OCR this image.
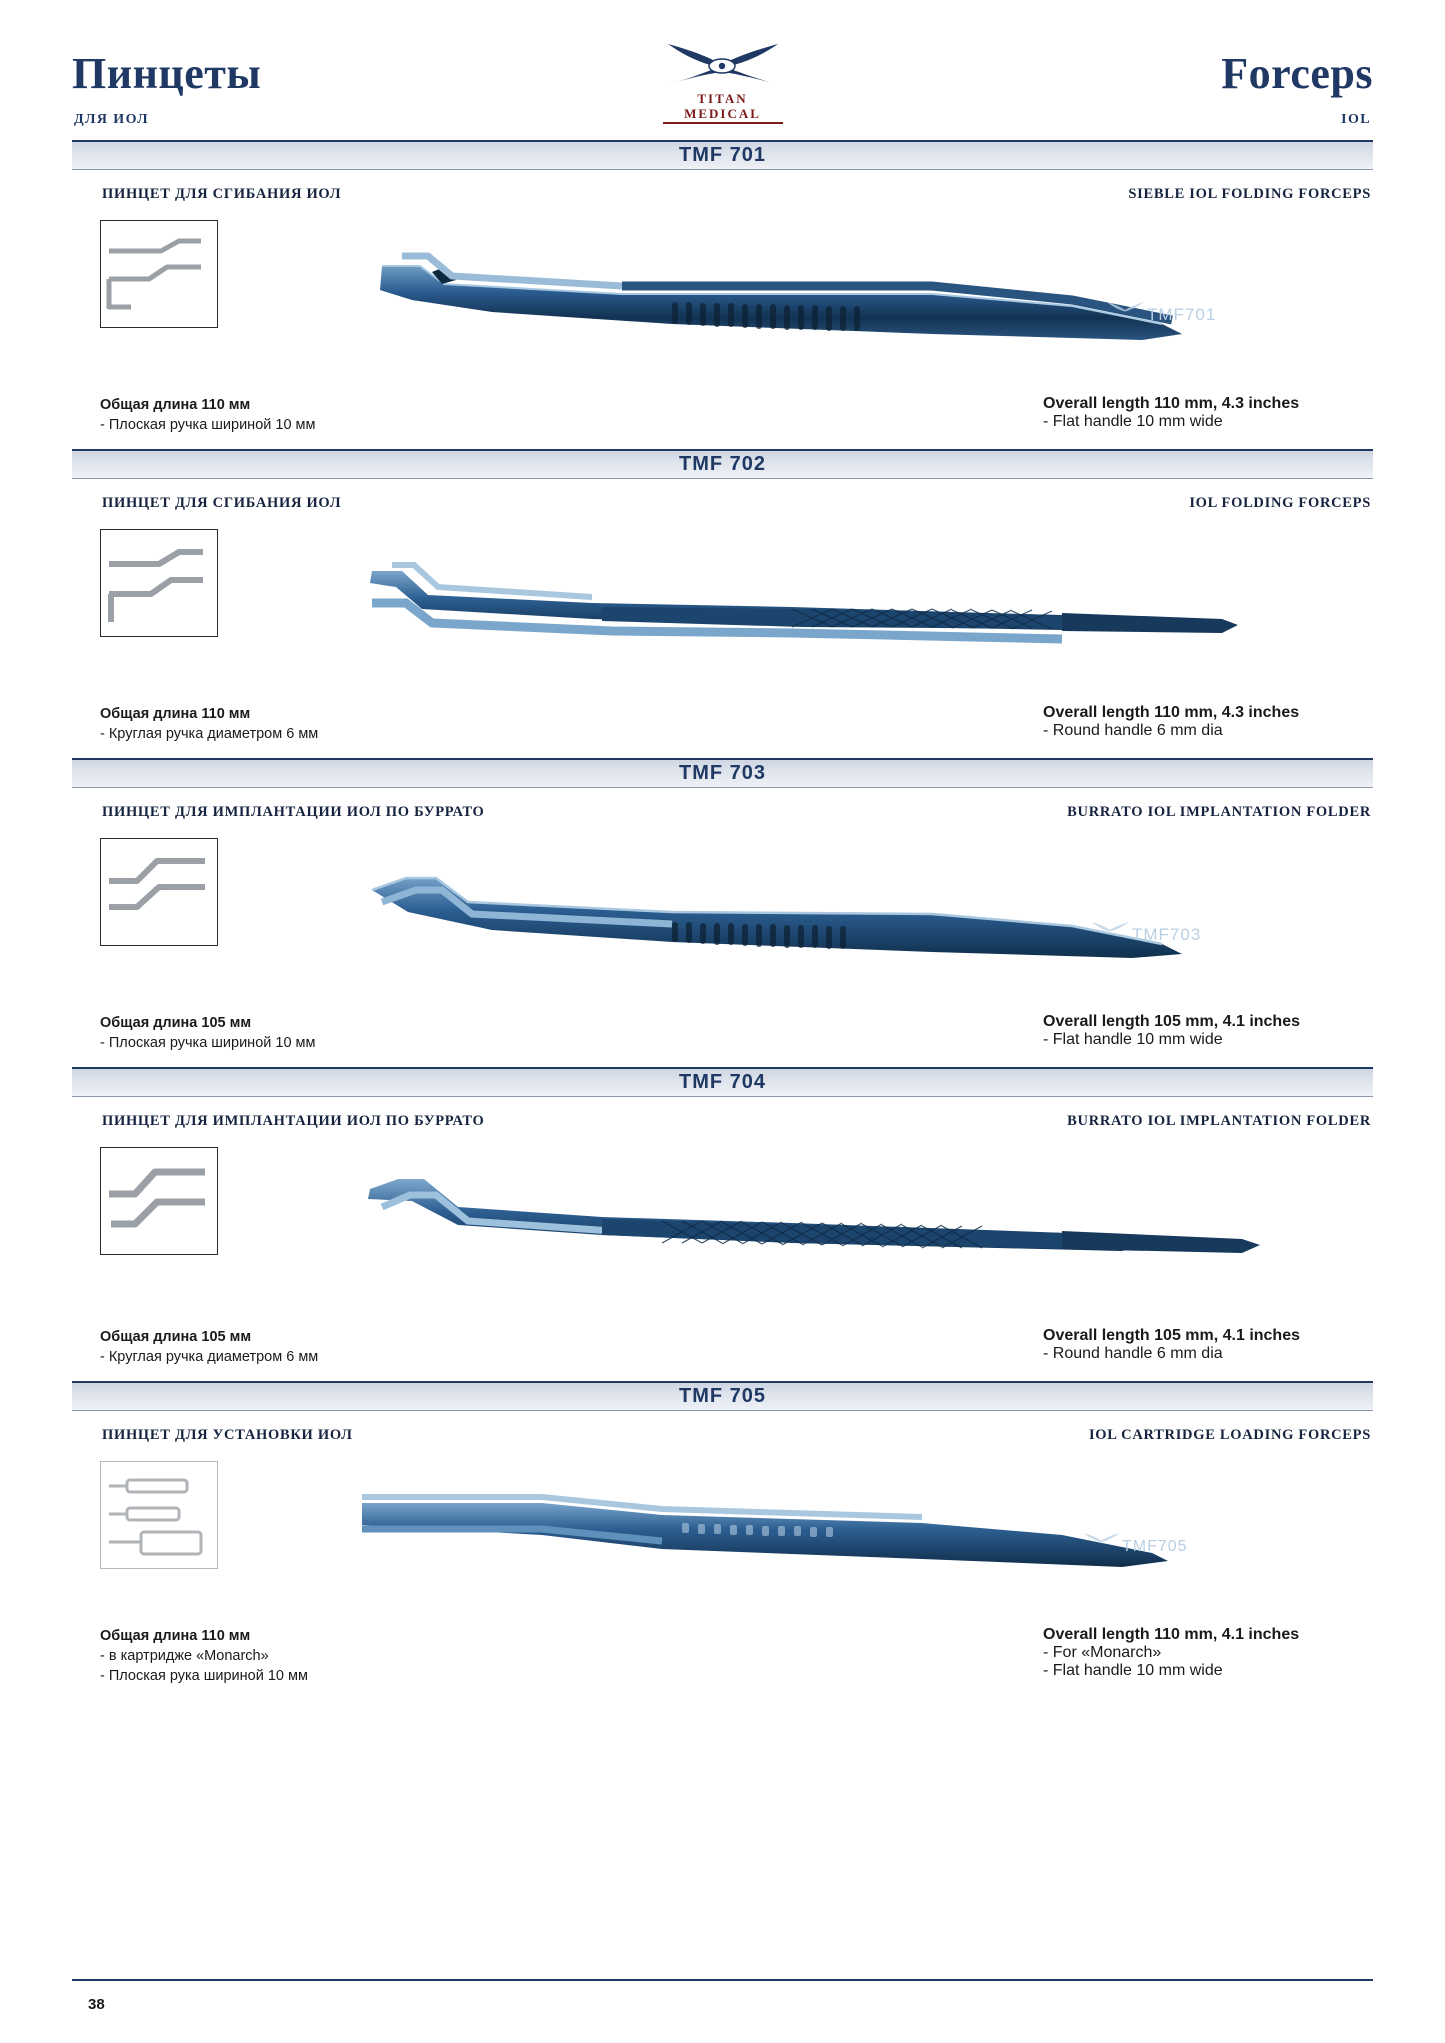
Пинцеты
ДЛЯ ИОЛ
Forceps
IOL
TITAN
MEDICAL
TMF 701
ПИНЦЕТ ДЛЯ СГИБАНИЯ ИОЛ	SIEBLE IOL FOLDING FORCEPS
TMF701
Общая длина 110 мм
- Плоская ручка шириной 10 мм
Overall length 110 mm, 4.3 inches
- Flat handle 10 mm wide
TMF 702
ПИНЦЕТ ДЛЯ СГИБАНИЯ ИОЛ	IOL FOLDING FORCEPS
Общая длина 110 мм
- Круглая ручка диаметром 6 мм
Overall length 110 mm, 4.3 inches
- Round handle 6 mm dia
TMF 703
ПИНЦЕТ ДЛЯ ИМПЛАНТАЦИИ ИОЛ ПО БУРРАТО	BURRATO IOL IMPLANTATION FOLDER
TMF703
Общая длина 105 мм
- Плоская ручка шириной 10 мм
Overall length 105 mm, 4.1 inches
- Flat handle 10 mm wide
TMF 704
ПИНЦЕТ ДЛЯ ИМПЛАНТАЦИИ ИОЛ ПО БУРРАТО	BURRATO IOL IMPLANTATION FOLDER
Общая длина 105 мм
- Круглая ручка диаметром 6 мм
Overall length 105 mm, 4.1 inches
- Round handle 6 mm dia
TMF 705
ПИНЦЕТ ДЛЯ УСТАНОВКИ ИОЛ	IOL CARTRIDGE LOADING FORCEPS
TMF705
Общая длина 110 мм
- в картридже «Monarch»
- Плоская рука шириной 10 мм
Overall length 110 mm, 4.1 inches
- For «Monarch»
- Flat handle 10 mm wide
38
